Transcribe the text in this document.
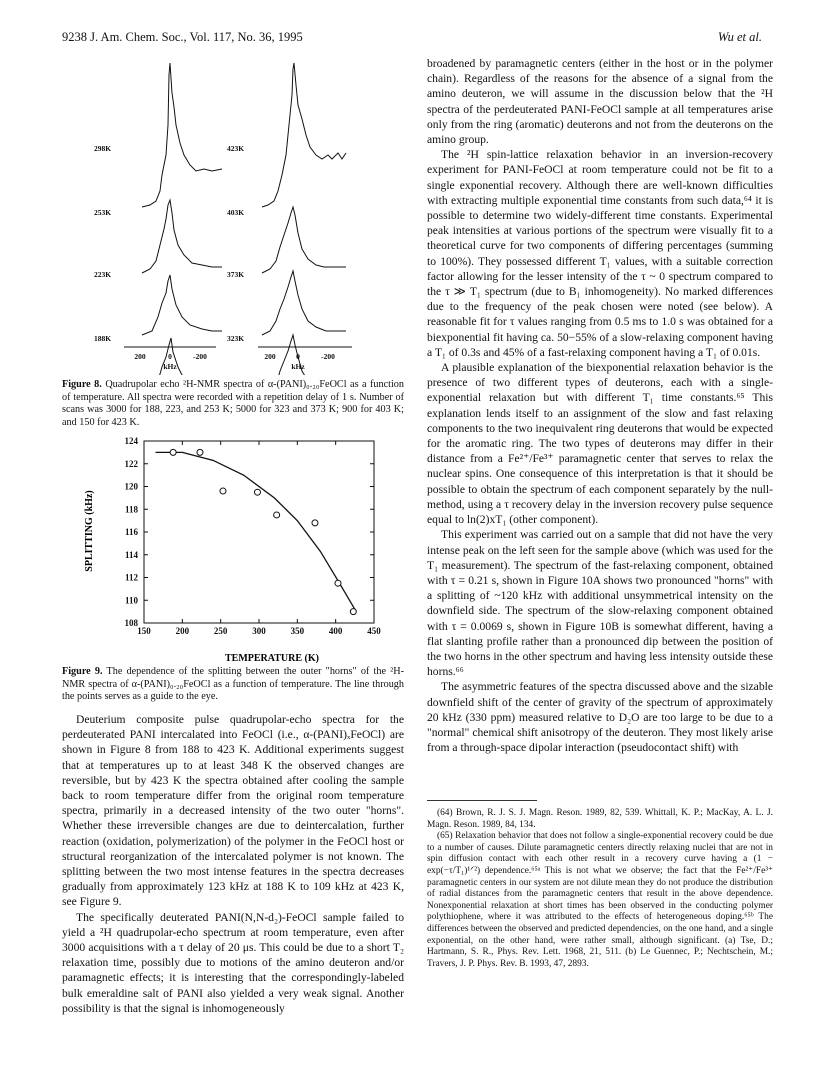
9238 J. Am. Chem. Soc., Vol. 117, No. 36, 1995	Wu et al.
298K
253K
223K
188K
423K
403K
373K
323K
200	0	-200
kHz
200	0	-200
kHz
Figure 8. Quadrupolar echo ²H-NMR spectra of α-(PANI)₀.₂₀FeOCl as a function of temperature. All spectra were recorded with a repetition delay of 1 s. Number of scans was 3000 for 188, 223, and 253 K; 5000 for 323 and 373 K; 900 for 403 K; and 150 for 423 K.
150	200	250	300	350	400	450
108
110
112
114
116
118
120
122
124
TEMPERATURE (K)
SPLITTING (kHz)
Figure 9. The dependence of the splitting between the outer "horns" of the ²H-NMR spectra of α-(PANI)₀.₂₀FeOCl as a function of temperature. The line through the points serves as a guide to the eye.

Deuterium composite pulse quadrupolar-echo spectra for the perdeuterated PANI intercalated into FeOCl (i.e., α-(PANI)ₓFeOCl) are shown in Figure 8 from 188 to 423 K. Additional experiments suggest that at temperatures up to at least 348 K the observed changes are reversible, but by 423 K the spectra obtained after cooling the sample back to room temperature differ from the original room temperature spectra, primarily in a decreased intensity of the two outer "horns". Whether these irreversible changes are due to deintercalation, further reaction (oxidation, polymerization) of the polymer in the FeOCl host or structural reorganization of the intercalated polymer is not known. The splitting between the two most intense features in the spectra decreases gradually from approximately 123 kHz at 188 K to 109 kHz at 423 K, see Figure 9.

The specifically deuterated PANI(N,N-d₂)-FeOCl sample failed to yield a ²H quadrupolar-echo spectrum at room temperature, even after 3000 acquisitions with a τ delay of 20 μs. This could be due to a short T₂ relaxation time, possibly due to motions of the amino deuteron and/or paramagnetic effects; it is interesting that the correspondingly-labeled bulk emeraldine salt of PANI also yielded a very weak signal. Another possibility is that the signal is inhomogeneously

broadened by paramagnetic centers (either in the host or in the polymer chain). Regardless of the reasons for the absence of a signal from the amino deuteron, we will assume in the discussion below that the ²H spectra of the perdeuterated PANI-FeOCl sample at all temperatures arise only from the ring (aromatic) deuterons and not from the deuterons on the amino group.

The ²H spin-lattice relaxation behavior in an inversion-recovery experiment for PANI-FeOCl at room temperature could not be fit to a single exponential recovery. Although there are well-known difficulties with extracting multiple exponential time constants from such data,⁶⁴ it is possible to determine two widely-different time constants. Experimental peak intensities at various portions of the spectrum were visually fit to a theoretical curve for two components of differing percentages (summing to 100%). They possessed different T₁ values, with a suitable correction factor allowing for the lesser intensity of the τ ~ 0 spectrum compared to the τ ≫ T₁ spectrum (due to B₁ inhomogeneity). No marked differences due to the frequency of the peak chosen were noted (see below). A reasonable fit for τ values ranging from 0.5 ms to 1.0 s was obtained for a biexponential fit having ca. 50−55% of a slow-relaxing component having a T₁ of 0.3s and 45% of a fast-relaxing component having a T₁ of 0.01s.

A plausible explanation of the biexponential relaxation behavior is the presence of two different types of deuterons, each with a single-exponential relaxation but with different T₁ time constants.⁶⁵ This explanation lends itself to an assignment of the slow and fast relaxing components to the two inequivalent ring deuterons that would be expected for the aromatic ring. The two types of deuterons may differ in their distance from a Fe²⁺/Fe³⁺ paramagnetic center that serves to relax the nuclear spins. One consequence of this interpretation is that it should be possible to obtain the spectrum of each component separately by the null-method, using a τ recovery delay in the inversion recovery pulse sequence equal to ln(2)xT₁ (other component).

This experiment was carried out on a sample that did not have the very intense peak on the left seen for the sample above (which was used for the T₁ measurement). The spectrum of the fast-relaxing component, obtained with τ = 0.21 s, shown in Figure 10A shows two pronounced "horns" with a splitting of ~120 kHz with additional unsymmetrical intensity on the downfield side. The spectrum of the slow-relaxing component obtained with τ = 0.0069 s, shown in Figure 10B is somewhat different, having a flat slanting profile rather than a pronounced dip between the position of the two horns in the other spectrum and having less intensity outside these horns.⁶⁶

The asymmetric features of the spectra discussed above and the sizable downfield shift of the center of gravity of the spectrum of approximately 20 kHz (330 ppm) measured relative to D₂O are too large to be due to a "normal" chemical shift anisotropy of the deuteron. They most likely arise from a through-space dipolar interaction (pseudocontact shift) with

(64) Brown, R. J. S. J. Magn. Reson. 1989, 82, 539. Whittall, K. P.; MacKay, A. L. J. Magn. Reson. 1989, 84, 134.

(65) Relaxation behavior that does not follow a single-exponential recovery could be due to a number of causes. Dilute paramagnetic centers directly relaxing nuclei that are not in spin diffusion contact with each other result in a recovery curve having a (1 − exp(−τ/T₁)¹ᐟ²) dependence.⁶⁵ᵃ This is not what we observe; the fact that the Fe²⁺/Fe³⁺ paramagnetic centers in our system are not dilute mean they do not produce the distribution of radial distances from the paramagnetic centers that result in the above dependence. Nonexponential relaxation at short times has been observed in the conducting polymer polythiophene, where it was attributed to the effects of heterogeneous doping.⁶⁵ᵇ The differences between the observed and predicted dependencies, on the one hand, and a single exponential, on the other hand, were rather small, although significant. (a) Tse, D.; Hartmann, S. R., Phys. Rev. Lett. 1968, 21, 511. (b) Le Guennec, P.; Nechtschein, M.; Travers, J. P. Phys. Rev. B. 1993, 47, 2893.
